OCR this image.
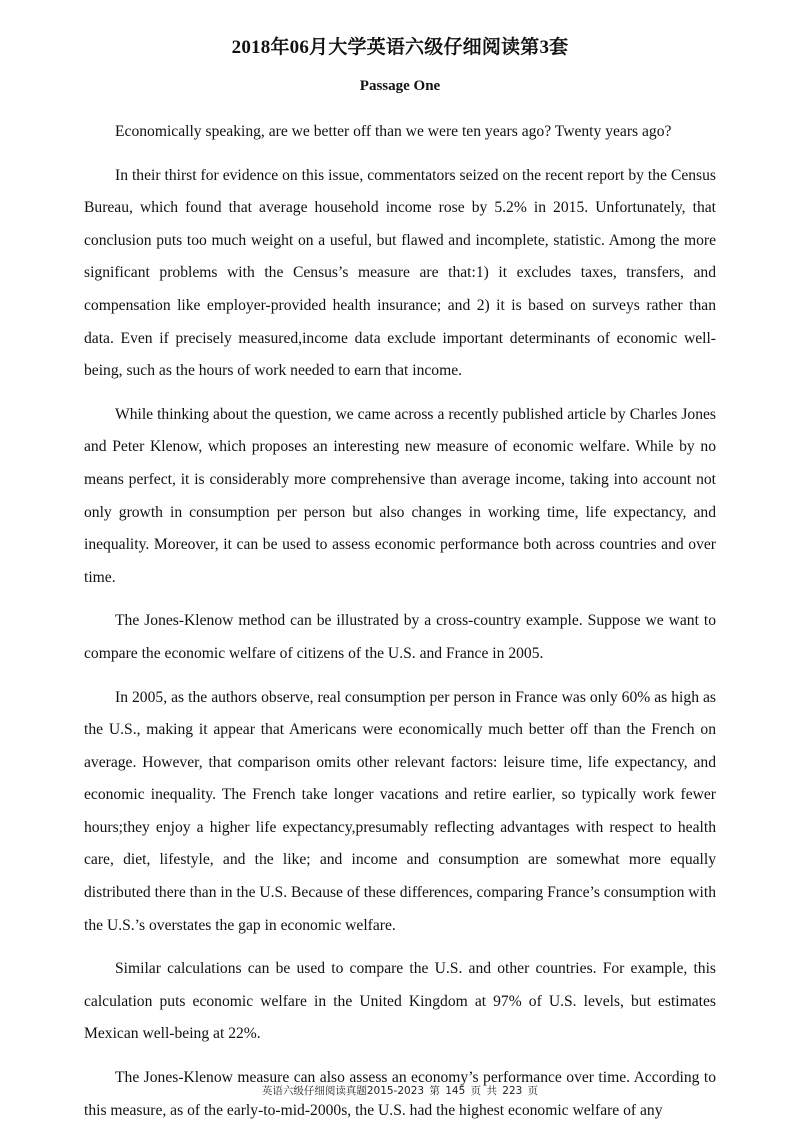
2018年06月大学英语六级仔细阅读第3套
Passage One

Economically speaking, are we better off than we were ten years ago? Twenty years ago?

In their thirst for evidence on this issue, commentators seized on the recent report by the Census Bureau, which found that average household income rose by 5.2% in 2015. Unfortunately, that conclusion puts too much weight on a useful, but flawed and incomplete, statistic. Among the more significant problems with the Census’s measure are that:1) it excludes taxes, transfers, and compensation like employer-provided health insurance; and 2) it is based on surveys rather than data. Even if precisely measured,income data exclude important determinants of economic well-being, such as the hours of work needed to earn that income.

While thinking about the question, we came across a recently published article by Charles Jones and Peter Klenow, which proposes an interesting new measure of economic welfare. While by no means perfect, it is considerably more comprehensive than average income, taking into account not only growth in consumption per person but also changes in working time, life expectancy, and inequality. Moreover, it can be used to assess economic performance both across countries and over time.

The Jones-Klenow method can be illustrated by a cross-country example. Suppose we want to compare the economic welfare of citizens of the U.S. and France in 2005.

In 2005, as the authors observe, real consumption per person in France was only 60% as high as the U.S., making it appear that Americans were economically much better off than the French on average. However, that comparison omits other relevant factors: leisure time, life expectancy, and economic inequality. The French take longer vacations and retire earlier, so typically work fewer hours;they enjoy a higher life expectancy,presumably reflecting advantages with respect to health care, diet, lifestyle, and the like; and income and consumption are somewhat more equally distributed there than in the U.S. Because of these differences, comparing France’s consumption with the U.S.’s overstates the gap in economic welfare.

Similar calculations can be used to compare the U.S. and other countries. For example, this calculation puts economic welfare in the United Kingdom at 97% of U.S. levels, but estimates Mexican well-being at 22%.

The Jones-Klenow measure can also assess an economy’s performance over time. According to this measure, as of the early-to-mid-2000s, the U.S. had the highest economic welfare of any

英语六级仔细阅读真题2015-2023 第 145 页 共 223 页
